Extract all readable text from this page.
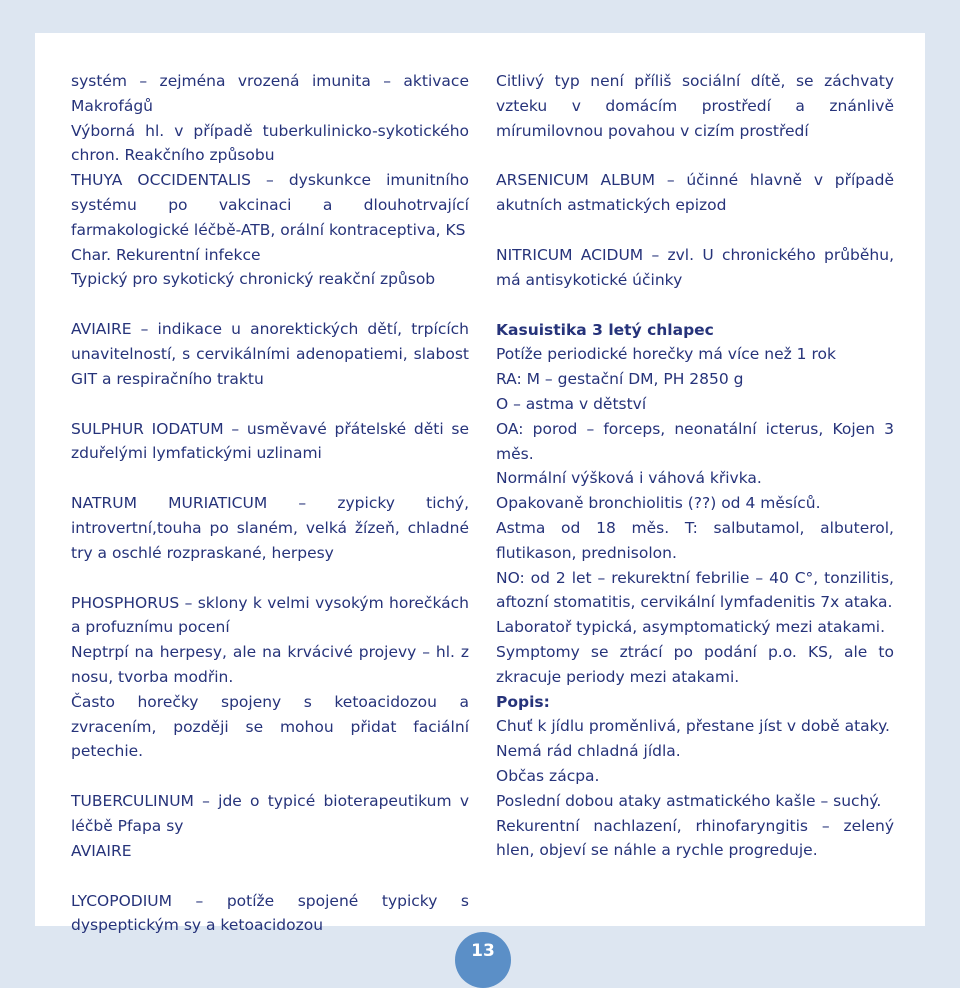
systém – zejména vrozená imunita – aktivace Makrofágů
Výborná hl. v případě tuberkulinicko-sykotického chron. Reakčního způsobu
THUYA OCCIDENTALIS – dyskunkce imunitního systému po vakcinaci a dlouhotrvající farmakologické léčbě-ATB, orální kontraceptiva, KS
Char. Rekurentní infekce
Typický pro sykotický chronický reakční způsob
AVIAIRE – indikace u anorektických dětí, trpících unavitelností, s cervikálními adenopatiemi, slabost GIT a respiračního traktu
SULPHUR IODATUM – usměvavé přátelské děti se zduřelými lymfatickými uzlinami
NATRUM MURIATICUM – zypicky tichý, introvertní,touha po slaném, velká žízeň, chladné try a oschlé rozpraskané, herpesy
PHOSPHORUS – sklony k velmi vysokým horečkách a profuznímu pocení
Neptrpí na herpesy, ale na krvácivé projevy – hl. z nosu, tvorba modřin.
Často horečky spojeny s ketoacidozou a zvracením, později se mohou přidat faciální petechie.
TUBERCULINUM – jde o typicé bioterapeutikum v léčbě Pfapa sy
AVIAIRE
LYCOPODIUM – potíže spojené typicky s dyspeptickým sy a ketoacidozou
Citlivý typ není příliš sociální dítě, se záchvaty vzteku v domácím prostředí a znánlivě mírumilovnou povahou v cizím prostředí
ARSENICUM ALBUM – účinné hlavně v případě akutních astmatických epizod
NITRICUM ACIDUM – zvl. U chronického průběhu, má antisykotické účinky
Kasuistika 3 letý chlapec
Potíže periodické horečky má více než 1 rok
RA: M – gestační DM, PH 2850 g
O – astma v dětství
OA: porod – forceps, neonatální icterus, Kojen 3 měs.
Normální výšková i váhová křivka.
Opakovaně bronchiolitis (??) od 4 měsíců.
Astma od 18 měs. T: salbutamol, albuterol, flutikason, prednisolon.
NO: od 2 let – rekurektní febrilie – 40 C°, tonzilitis, aftozní stomatitis, cervikální lymfadenitis 7x ataka.
Laboratoř typická, asymptomatický mezi atakami.
Symptomy se ztrácí po podání p.o. KS, ale to zkracuje periody mezi atakami.
Popis:
Chuť k jídlu proměnlivá, přestane jíst v době ataky.
Nemá rád chladná jídla.
Občas zácpa.
Poslední dobou ataky astmatického kašle – suchý.
Rekurentní nachlazení, rhinofaryngitis – zelený hlen, objeví se náhle a rychle progreduje.
13
